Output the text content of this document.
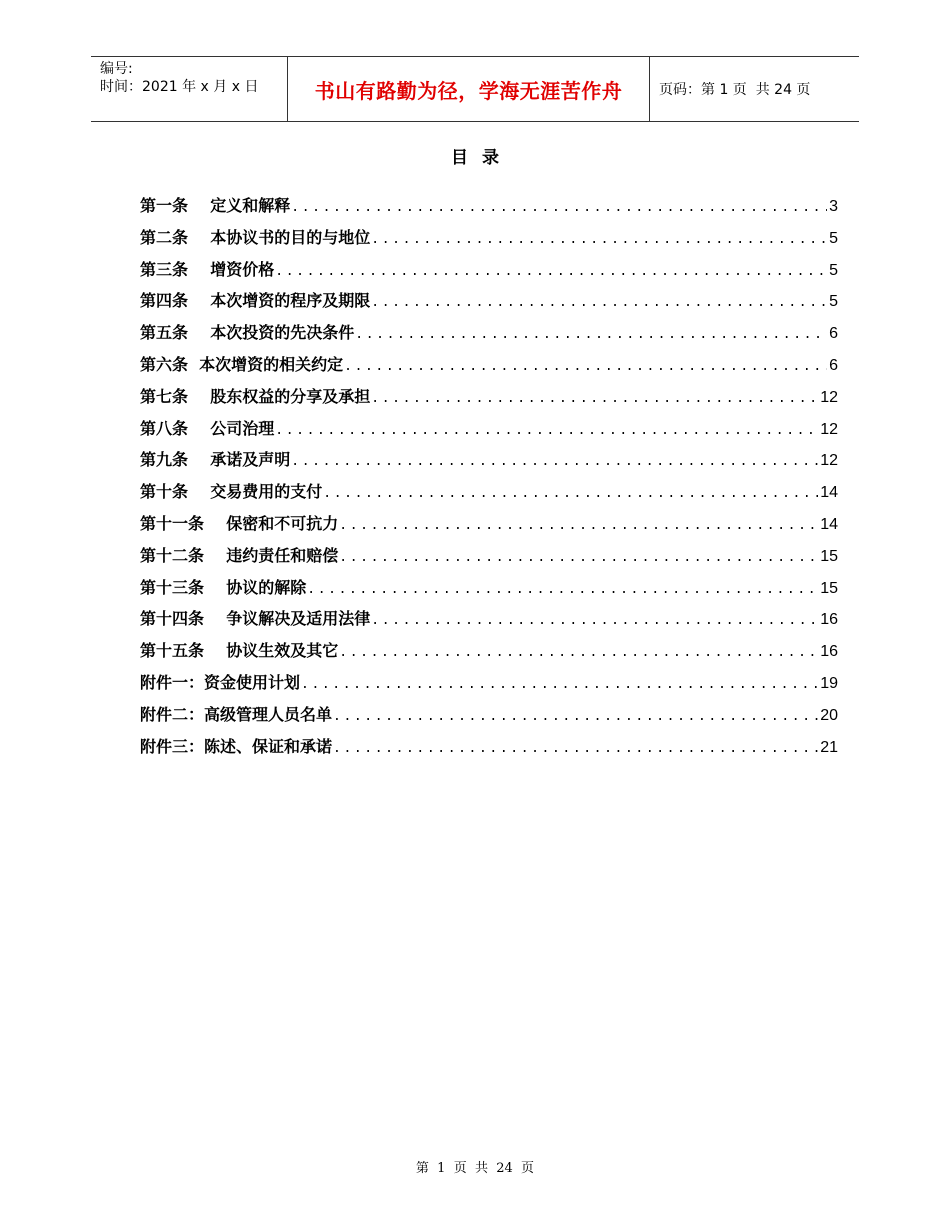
编号:
时间：2021 年 x 月 x 日	书山有路勤为径，学海无涯苦作舟	页码：第 1 页  共 24 页
目录
第一条    定义和解释 .....	3
第二条    本协议书的目的与地位 .....	5
第三条    增资价格 .....	5
第四条    本次增资的程序及期限 .....	5
第五条    本次投资的先决条件 .....	6
第六条  本次增资的相关约定 .....	6
第七条    股东权益的分享及承担 .....	12
第八条    公司治理 .....	12
第九条    承诺及声明 .....	12
第十条    交易费用的支付 .....	14
第十一条    保密和不可抗力 .....	14
第十二条    违约责任和赔偿 .....	15
第十三条    协议的解除 .....	15
第十四条    争议解决及适用法律 .....	16
第十五条    协议生效及其它 .....	16
附件一：资金使用计划 .....	19
附件二：高级管理人员名单 .....	20
附件三：陈述、保证和承诺 .....	21
第  1  页  共  24  页
